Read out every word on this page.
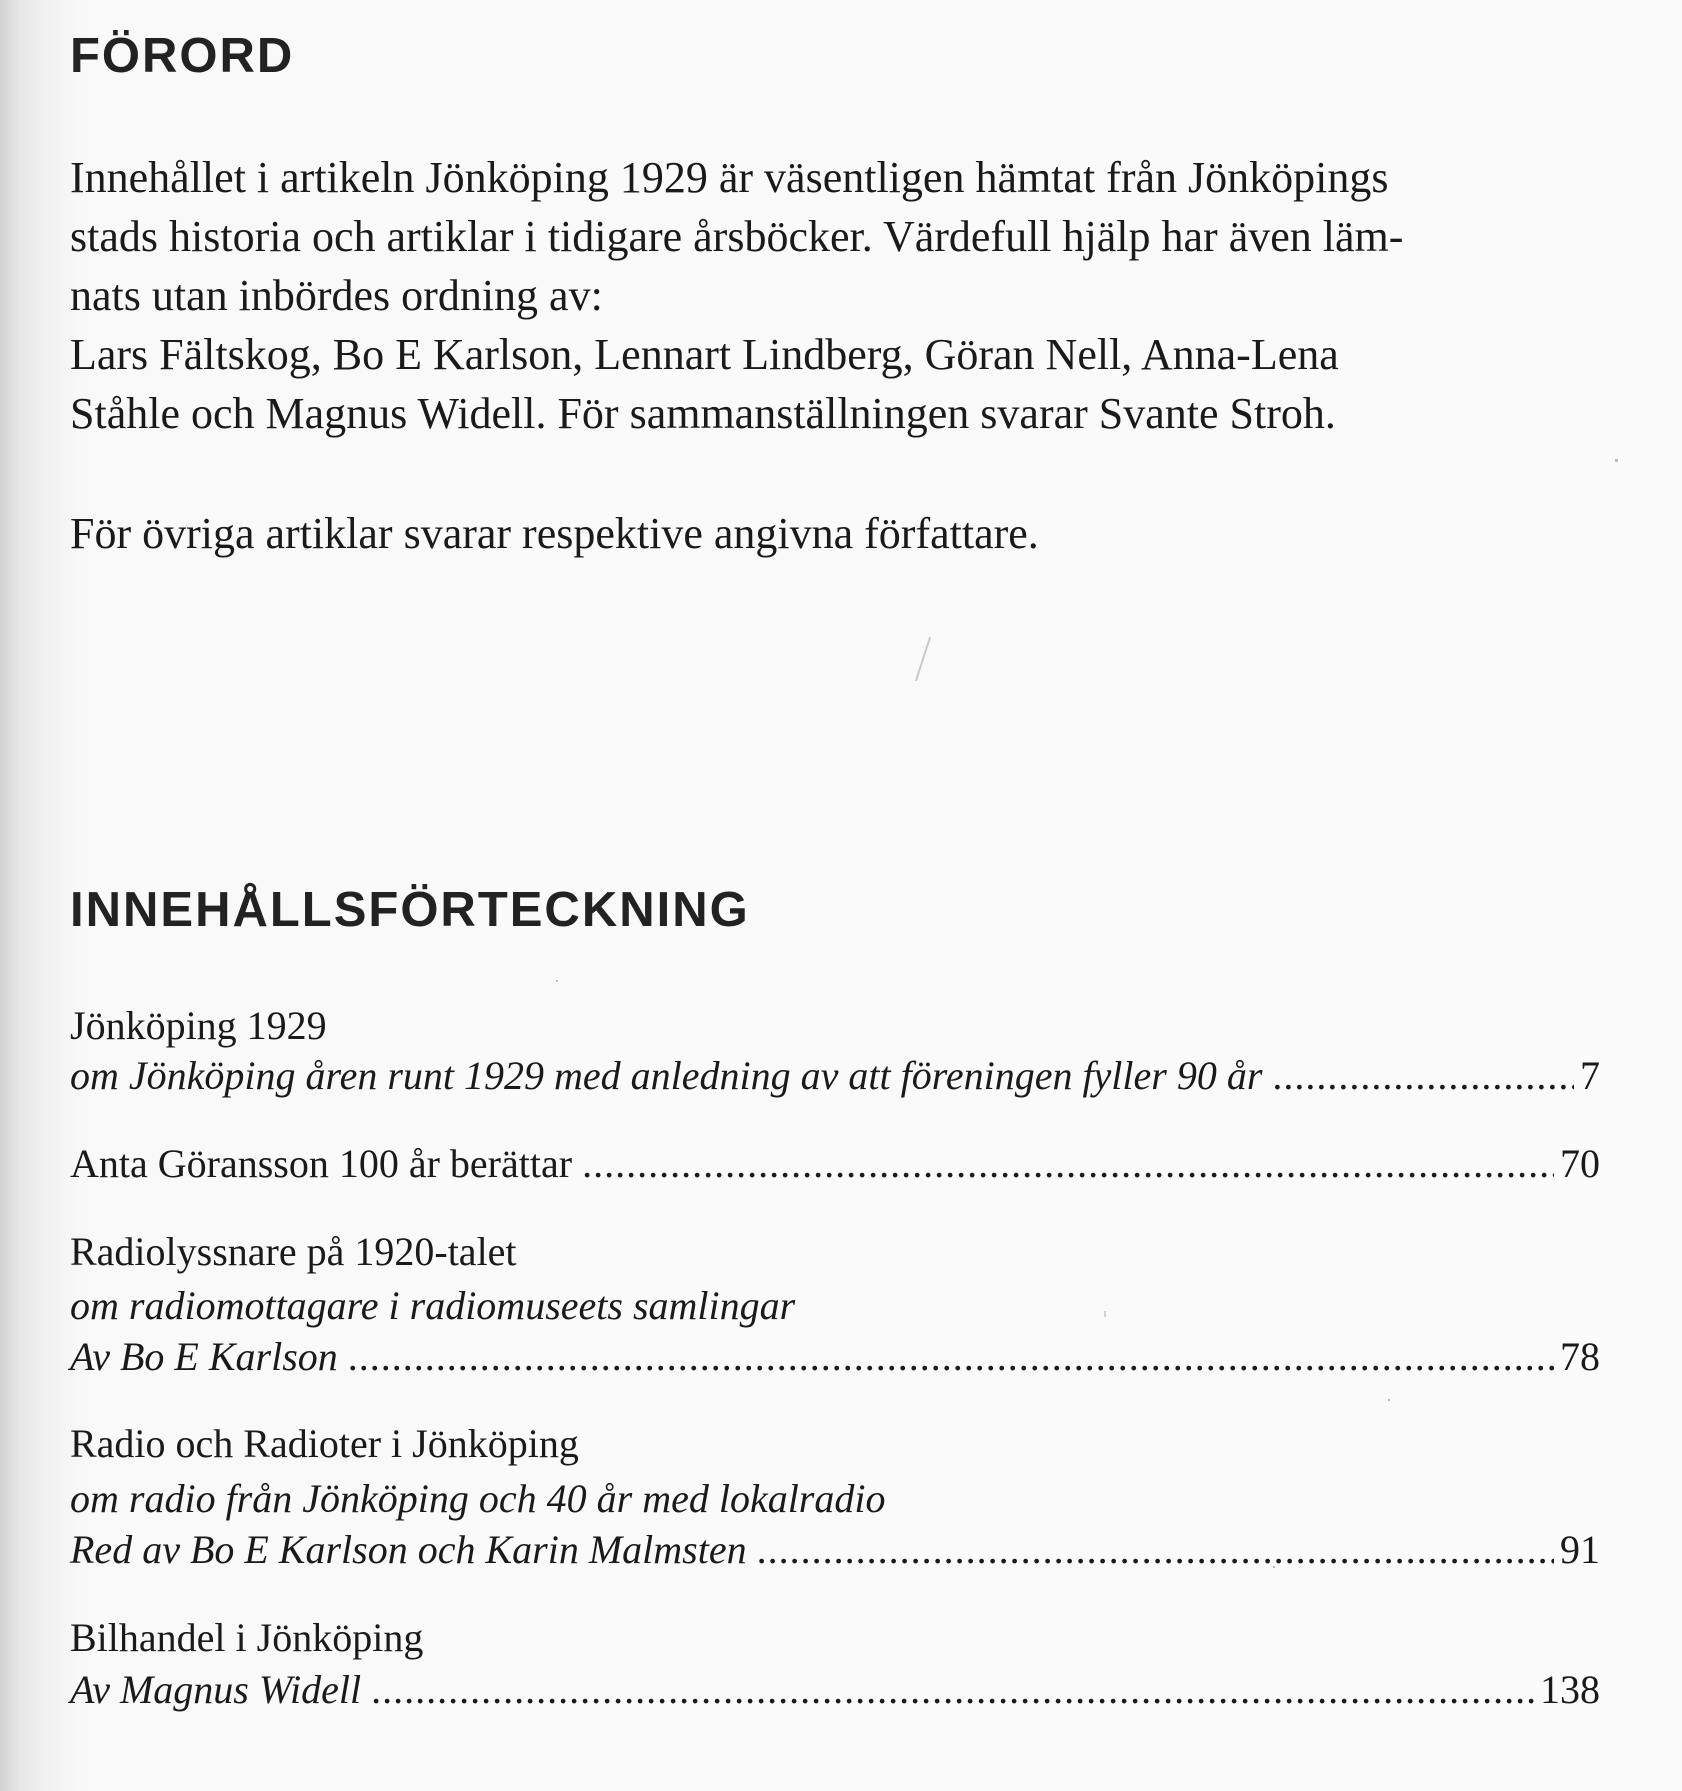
FÖRORD

Innehållet i artikeln Jönköping 1929 är väsentligen hämtat från Jönköpings
stads historia och artiklar i tidigare årsböcker. Värdefull hjälp har även läm-
nats utan inbördes ordning av:
Lars Fältskog, Bo E Karlson, Lennart Lindberg, Göran Nell, Anna-Lena
Ståhle och Magnus Widell. För sammanställningen svarar Svante Stroh.

För övriga artiklar svarar respektive angivna författare.

INNEHÅLLSFÖRTECKNING
Jönköping 1929
om Jönköping åren runt 1929 med anledning av att föreningen fyller 90 år .....	7
Anta Göransson 100 år berättar .....	70
Radiolyssnare på 1920-talet
om radiomottagare i radiomuseets samlingar
Av Bo E Karlson .....	78
Radio och Radioter i Jönköping
om radio från Jönköping och 40 år med lokalradio
Red av Bo E Karlson och Karin Malmsten .....	91
Bilhandel i Jönköping
Av Magnus Widell .....	138
